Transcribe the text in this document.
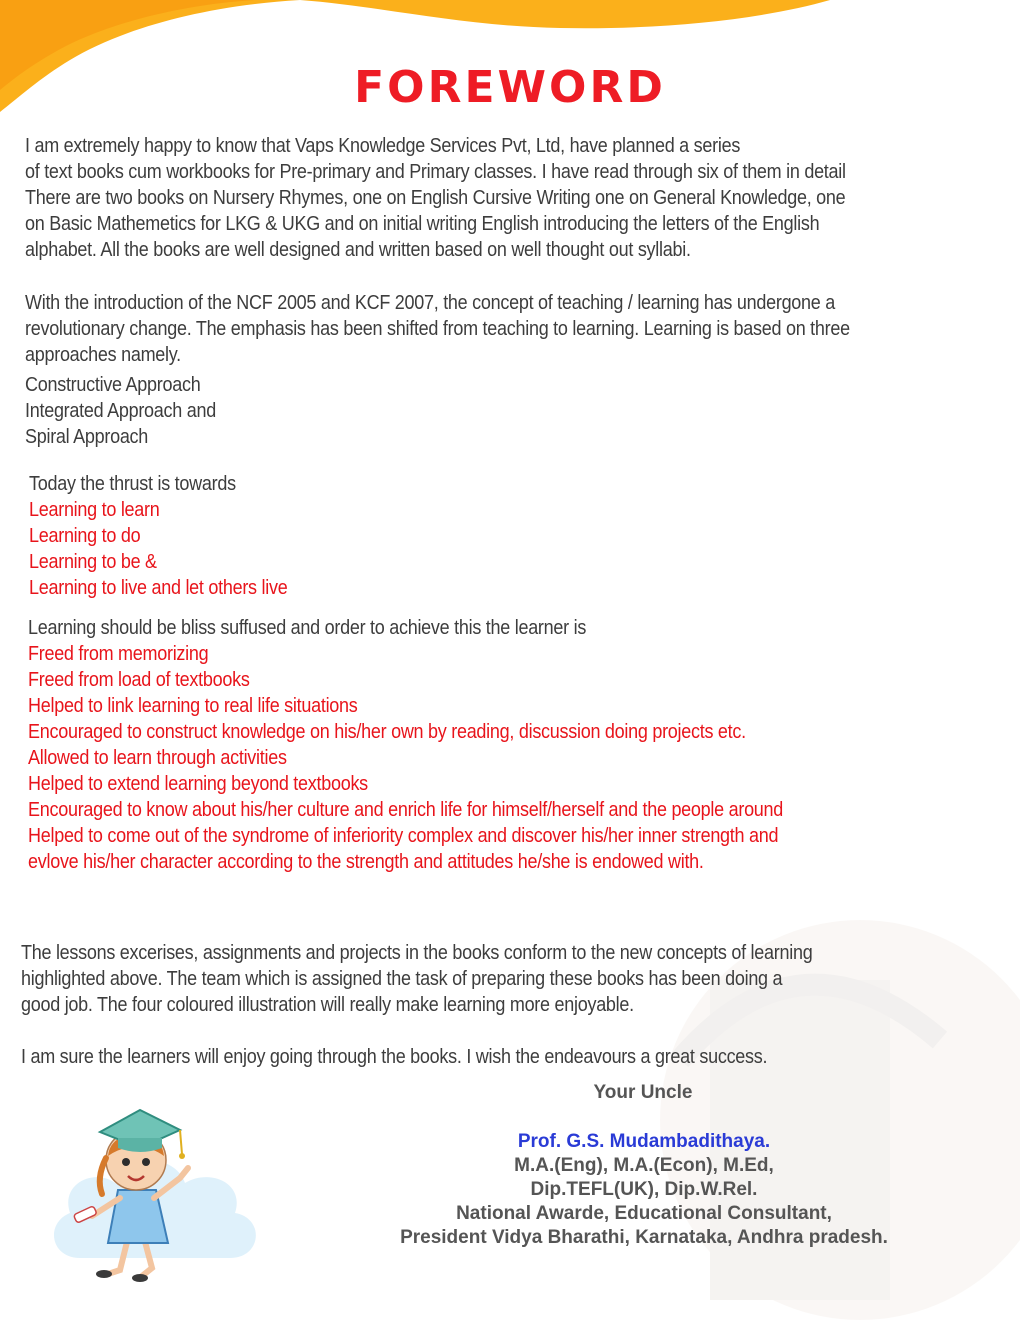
FOREWORD
I am extremely happy to know that Vaps Knowledge Services Pvt, Ltd, have planned a series
of text books cum workbooks for Pre-primary and Primary classes. I have read through six of them in detail
There are two books on Nursery Rhymes, one on English Cursive Writing one on General Knowledge, one
on Basic Mathemetics for LKG & UKG and on initial writing English introducing the letters of the English
alphabet. All the books are well designed and written based on well thought out syllabi.
With the introduction of the NCF 2005 and KCF 2007, the concept of teaching / learning has undergone a
revolutionary change. The emphasis has been shifted from teaching to learning. Learning is based on three
approaches namely.
Constructive Approach
Integrated Approach and
Spiral Approach
Today the thrust is towards
Learning to learn
Learning to do
Learning to be &
Learning to live and let others live
Learning should be bliss suffused and order to achieve this the learner is
Freed from memorizing
Freed from load of textbooks
Helped to link learning to real life situations
Encouraged to construct knowledge on his/her own by reading, discussion doing projects etc.
Allowed to learn through activities
Helped to extend learning beyond textbooks
Encouraged to know about his/her culture and enrich life for himself/herself and the people around
Helped to come out of the syndrome of inferiority complex and discover his/her inner strength and
evlove his/her character according to the strength and attitudes he/she is endowed with.
The lessons excerises, assignments and projects in the books conform to the new concepts of learning
highlighted above. The team which is assigned the task of preparing these books has been doing a
good job. The four coloured illustration will really make learning more enjoyable.
I am sure the learners will enjoy going through the books. I wish the endeavours a great success.
Your Uncle
Prof. G.S. Mudambadithaya.
M.A.(Eng), M.A.(Econ), M.Ed,
Dip.TEFL(UK), Dip.W.Rel.
National Awarde, Educational Consultant,
President Vidya Bharathi, Karnataka, Andhra pradesh.
